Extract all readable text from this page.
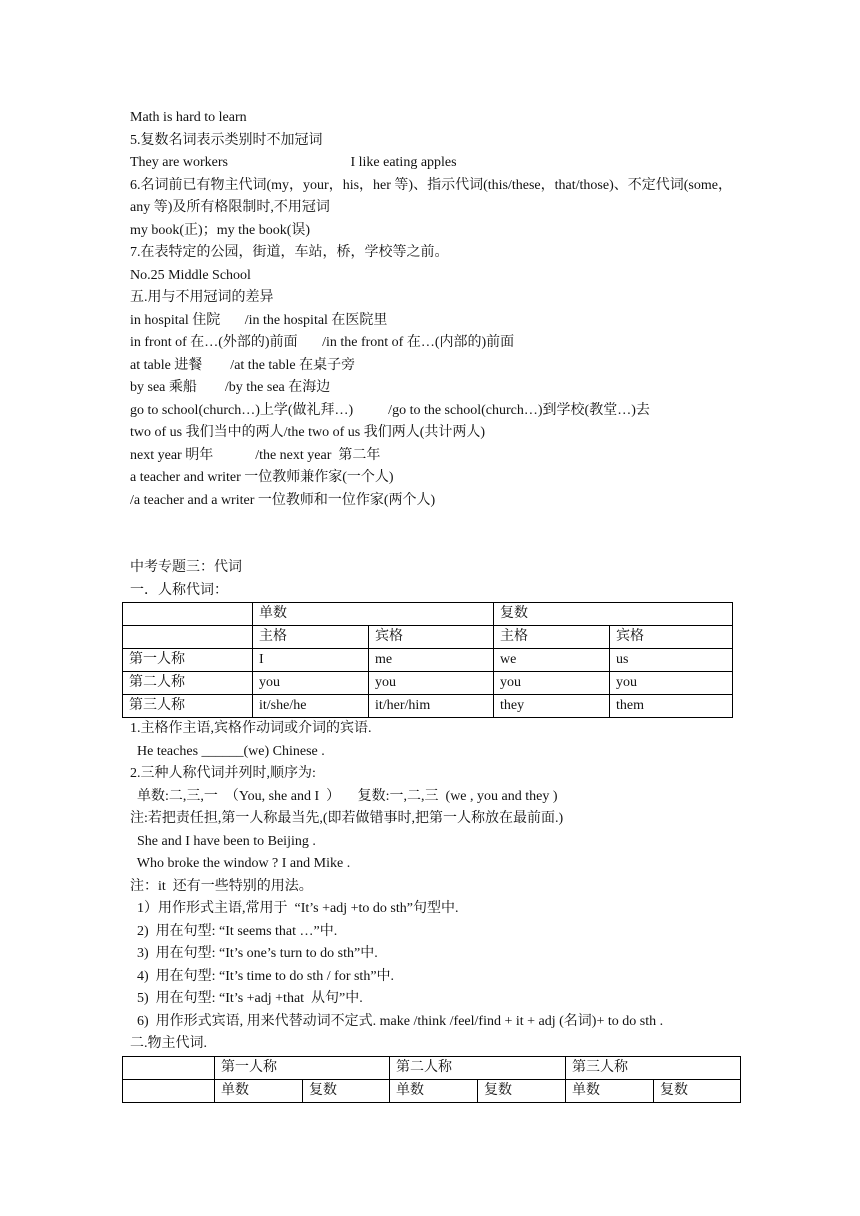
Math is hard to learn
5.复数名词表示类别时不加冠词
They are workers                                   I like eating apples
6.名词前已有物主代词(my，your，his，her 等)、指示代词(this/these，that/those)、不定代词(some，any 等)及所有格限制时,不用冠词
my book(正)；my the book(误)
7.在表特定的公园，街道，车站，桥，学校等之前。
No.25 Middle School
五.用与不用冠词的差异
in hospital 住院       /in the hospital 在医院里
in front of 在…(外部的)前面       /in the front of 在…(内部的)前面
at table 进餐        /at the table 在桌子旁
by sea 乘船        /by the sea 在海边
go to school(church…)上学(做礼拜…)          /go to the school(church…)到学校(教堂…)去
two of us 我们当中的两人/the two of us 我们两人(共计两人)
next year 明年            /the next year  第二年
a teacher and writer 一位教师兼作家(一个人)
/a teacher and a writer 一位教师和一位作家(两个人)
中考专题三：代词
一．人称代词：
	单数		复数	
	主格	宾格	主格	宾格
第一人称	I	me	we	us
第二人称	you	you	you	you
第三人称	it/she/he	it/her/him	they	them
1.主格作主语,宾格作动词或介词的宾语.
He teaches ______(we) Chinese .
2.三种人称代词并列时,顺序为:
单数:二,三,一  （You, she and I  ）     复数:一,二,三  (we , you and they )
注:若把责任担,第一人称最当先,(即若做错事时,把第一人称放在最前面.)
She and I have been to Beijing .
Who broke the window ? I and Mike .
注：it  还有一些特别的用法。
1）用作形式主语,常用于  “It’s +adj +to do sth”句型中.
2)  用在句型: “It seems that …”中.
3)  用在句型: “It’s one’s turn to do sth”中.
4)  用在句型: “It’s time to do sth / for sth”中.
5)  用在句型: “It’s +adj +that  从句”中.
6)  用作形式宾语, 用来代替动词不定式. make /think /feel/find + it + adj (名词)+ to do sth .
二.物主代词.
	第一人称		第二人称		第三人称	
	单数	复数	单数	复数	单数	复数
